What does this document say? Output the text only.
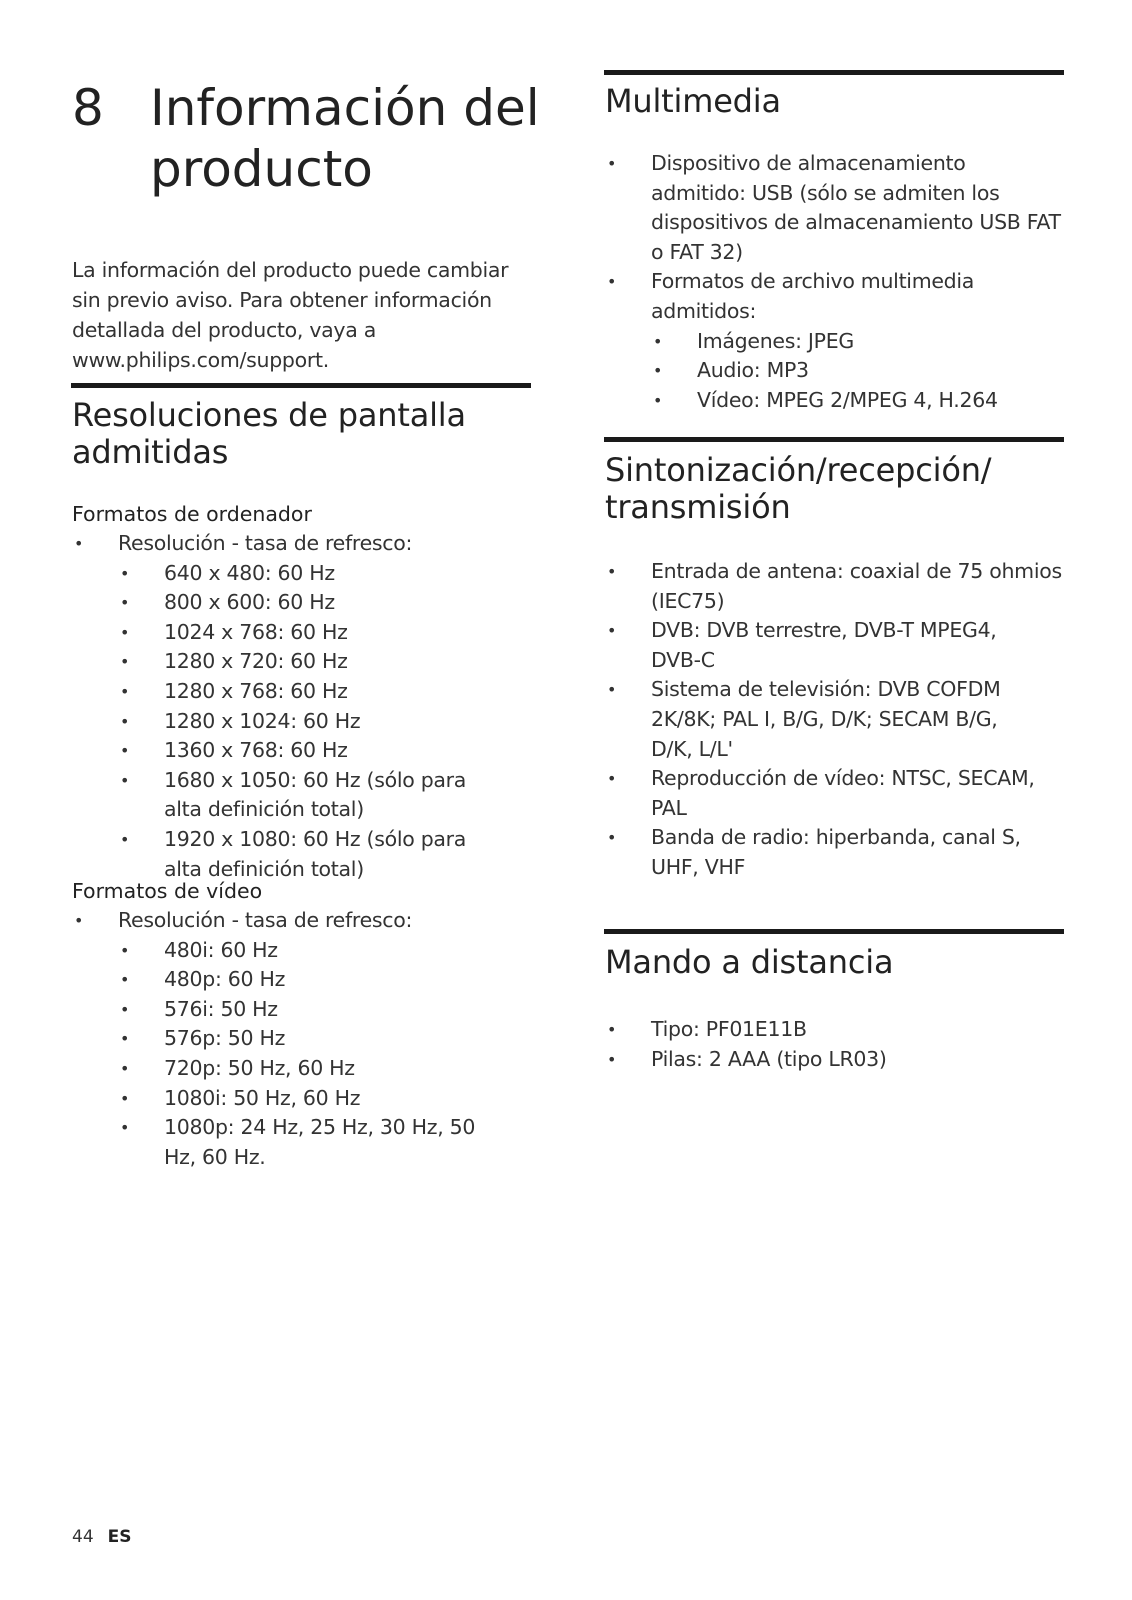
8 Información del producto

La información del producto puede cambiar sin previo aviso. Para obtener información detallada del producto, vaya a www.philips.com/support.

Resoluciones de pantalla admitidas
Formatos de ordenador
• Resolución - tasa de refresco:
• 640 x 480: 60 Hz
• 800 x 600: 60 Hz
• 1024 x 768: 60 Hz
• 1280 x 720: 60 Hz
• 1280 x 768: 60 Hz
• 1280 x 1024: 60 Hz
• 1360 x 768: 60 Hz
• 1680 x 1050: 60 Hz (sólo para alta definición total)
• 1920 x 1080: 60 Hz (sólo para alta definición total)
Formatos de vídeo
• Resolución - tasa de refresco:
• 480i: 60 Hz
• 480p: 60 Hz
• 576i: 50 Hz
• 576p: 50 Hz
• 720p: 50 Hz, 60 Hz
• 1080i: 50 Hz, 60 Hz
• 1080p: 24 Hz, 25 Hz, 30 Hz, 50 Hz, 60 Hz.
Multimedia
• Dispositivo de almacenamiento admitido: USB (sólo se admiten los dispositivos de almacenamiento USB FAT o FAT 32)
• Formatos de archivo multimedia admitidos:
• Imágenes: JPEG
• Audio: MP3
• Vídeo: MPEG 2/MPEG 4, H.264
Sintonización/recepción/ transmisión
• Entrada de antena: coaxial de 75 ohmios (IEC75)
• DVB: DVB terrestre, DVB-T MPEG4, DVB-C
• Sistema de televisión: DVB COFDM 2K/8K; PAL I, B/G, D/K; SECAM B/G, D/K, L/L'
• Reproducción de vídeo: NTSC, SECAM, PAL
• Banda de radio: hiperbanda, canal S, UHF, VHF
Mando a distancia
• Tipo: PF01E11B
• Pilas: 2 AAA (tipo LR03)
44 ES
